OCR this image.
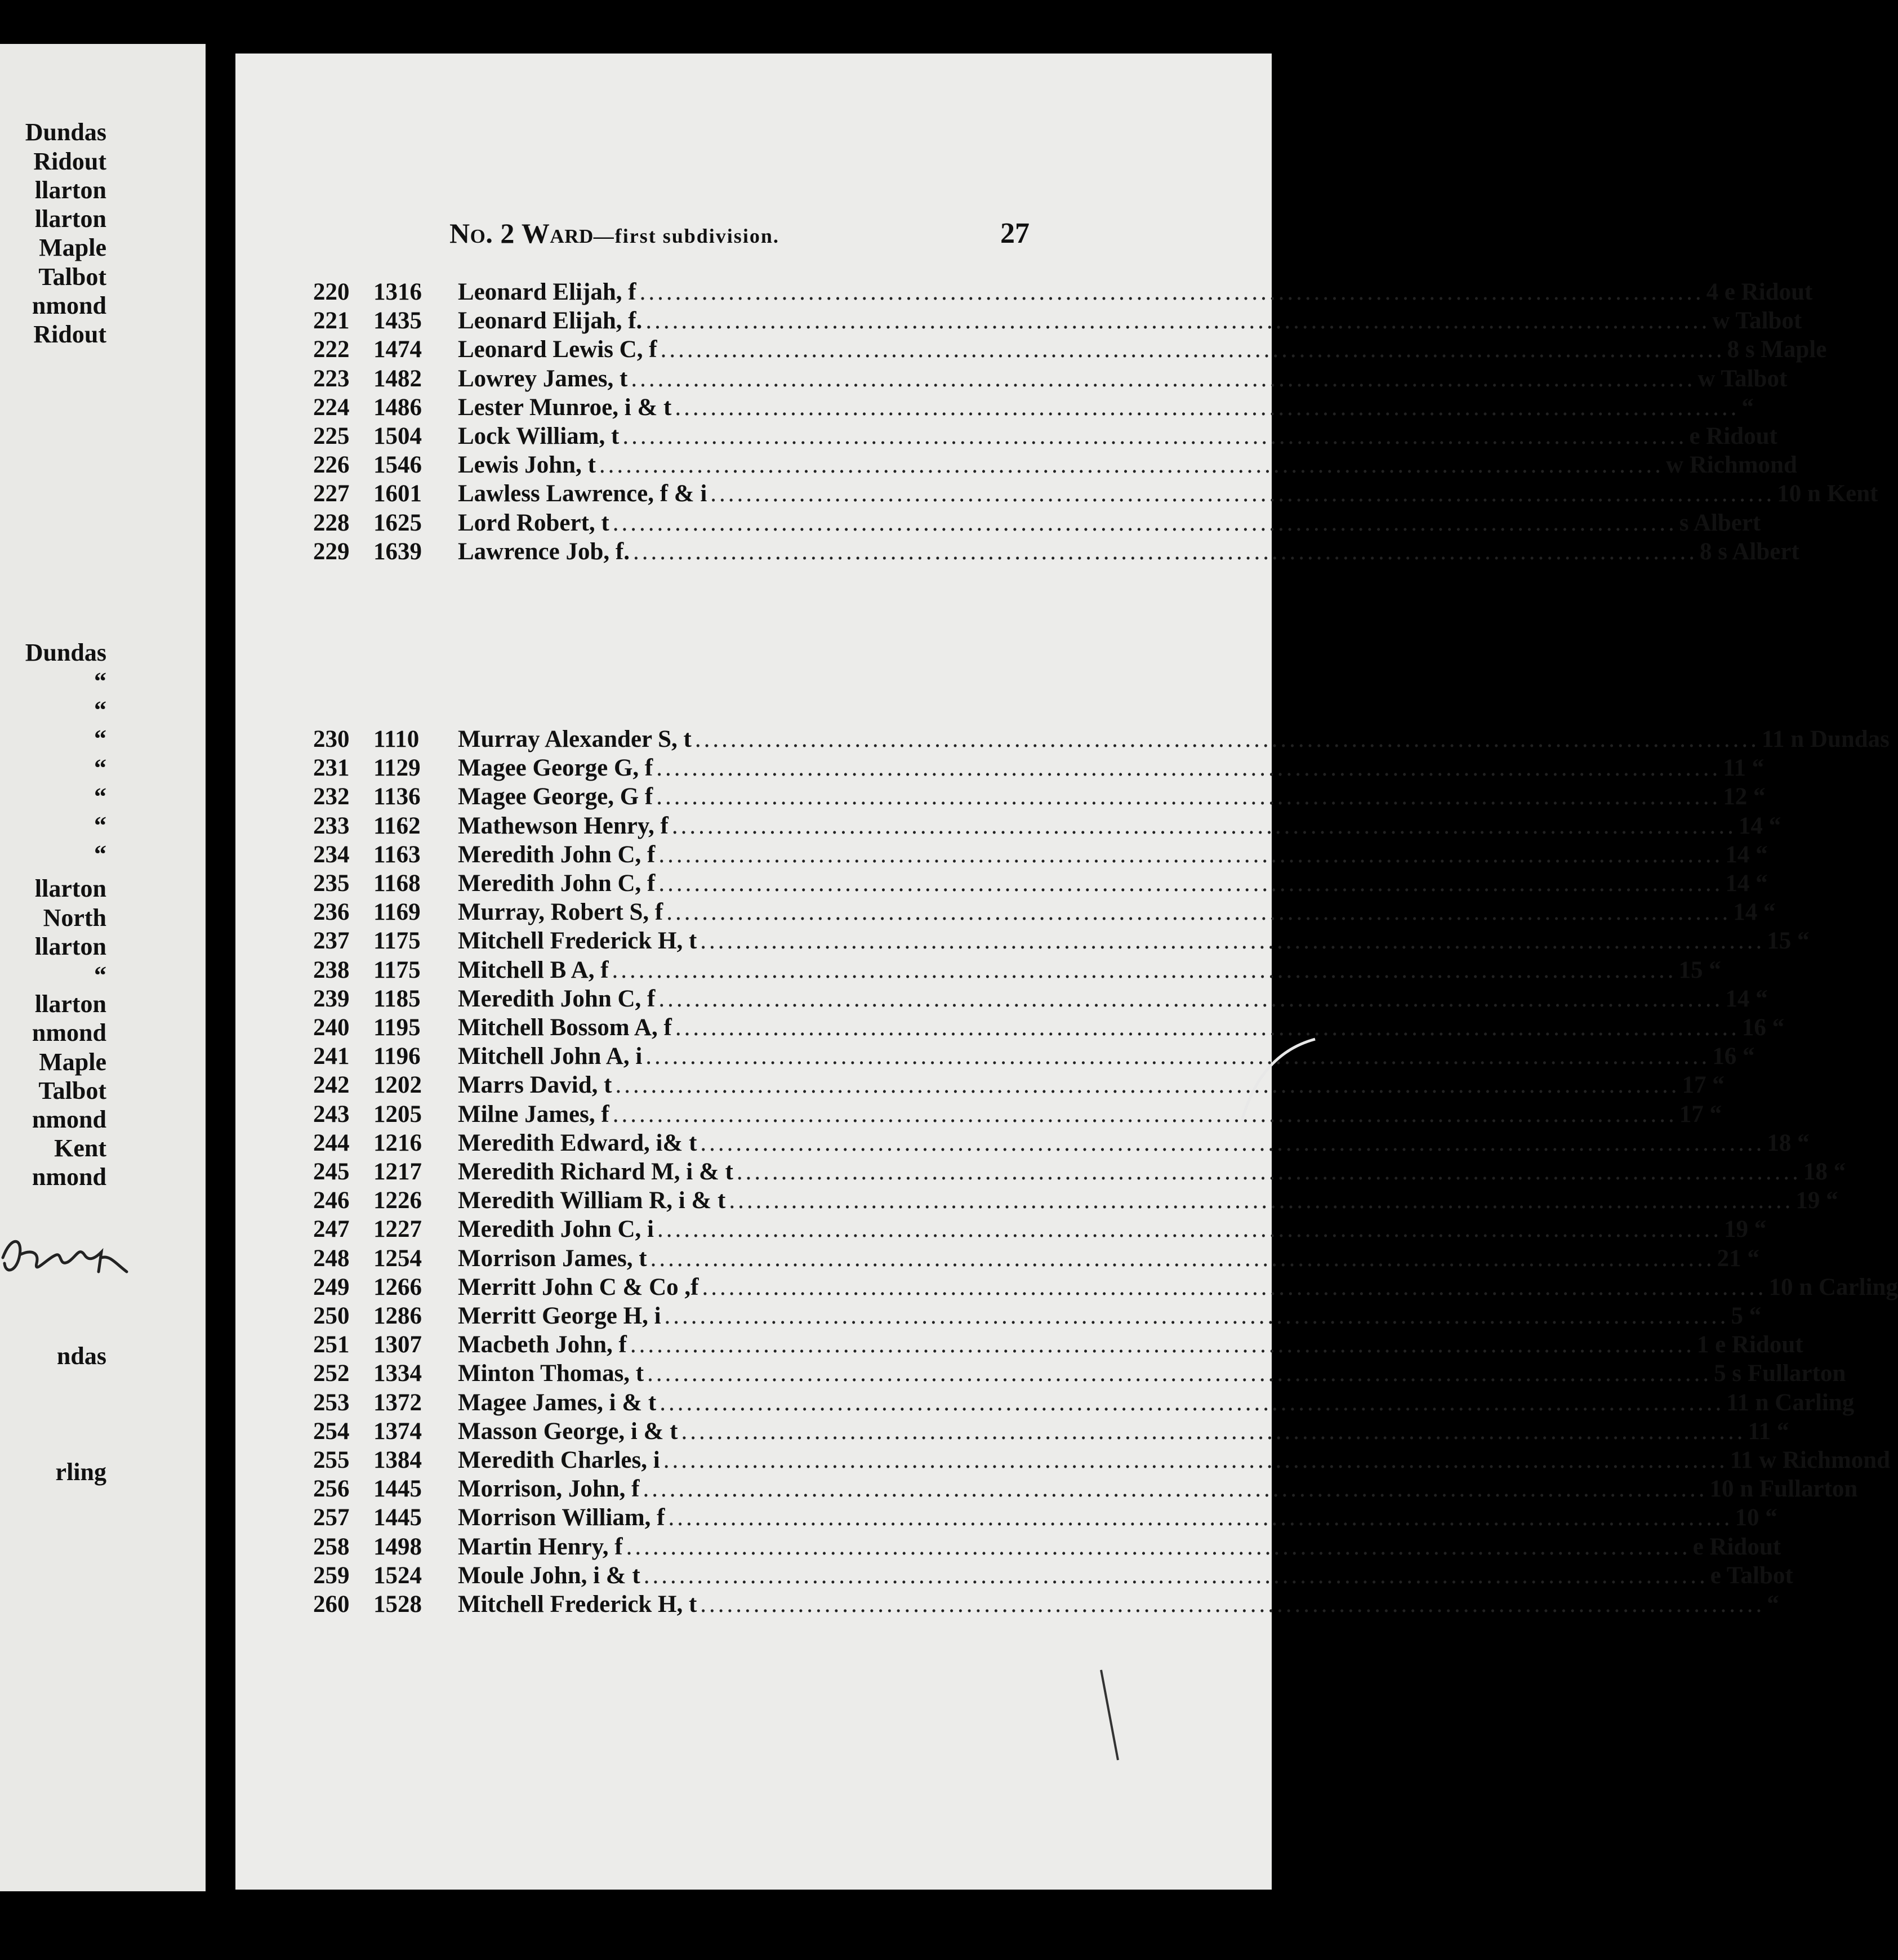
Dundas
Ridout
llarton
llarton
Maple
Talbot
nmond
Ridout
Dundas
“
“
“
“
“
“
“
llarton
North
llarton
“
llarton
nmond
Maple
Talbot
nmond
Kent
nmond
ndas
rling
No. 2 Ward—first subdivision.	27
220 1316	Leonard Elijah, f ........................................................................................................................ 4 e Ridout
221 1435	Leonard Elijah, f. ........................................................................................................................ w Talbot
222 1474	Leonard Lewis C, f ........................................................................................................................ 8 s Maple
223 1482	Lowrey James, t ........................................................................................................................ w Talbot
224 1486	Lester Munroe, i & t ........................................................................................................................ “
225 1504	Lock William, t ........................................................................................................................ e Ridout
226 1546	Lewis John, t ........................................................................................................................ w Richmond
227 1601	Lawless Lawrence, f & i ........................................................................................................................ 10 n Kent
228 1625	Lord Robert, t ........................................................................................................................ s Albert
229 1639	Lawrence Job, f. ........................................................................................................................ 8 s Albert
230 1110	Murray Alexander S, t ........................................................................................................................ 11 n Dundas
231 1129	Magee George G, f ........................................................................................................................ 11 “
232 1136	Magee George, G f ........................................................................................................................ 12 “
233 1162	Mathewson Henry, f ........................................................................................................................ 14 “
234 1163	Meredith John C, f ........................................................................................................................ 14 “
235 1168	Meredith John C, f ........................................................................................................................ 14 “
236 1169	Murray, Robert S, f ........................................................................................................................ 14 “
237 1175	Mitchell Frederick H, t ........................................................................................................................ 15 “
238 1175	Mitchell B A, f ........................................................................................................................ 15 “
239 1185	Meredith John C, f ........................................................................................................................ 14 “
240 1195	Mitchell Bossom A, f ........................................................................................................................ 16 “
241 1196	Mitchell John A, i ........................................................................................................................ 16 “
242 1202	Marrs David, t ........................................................................................................................ 17 “
243 1205	Milne James, f ........................................................................................................................ 17 “
244 1216	Meredith Edward, i& t ........................................................................................................................ 18 “
245 1217	Meredith Richard M, i & t ........................................................................................................................ 18 “
246 1226	Meredith William R, i & t ........................................................................................................................ 19 “
247 1227	Meredith John C, i ........................................................................................................................ 19 “
248 1254	Morrison James, t ........................................................................................................................ 21 “
249 1266	Merritt John C & Co ,f ........................................................................................................................ 10 n Carling
250 1286	Merritt George H, i ........................................................................................................................ 5 “
251 1307	Macbeth John, f ........................................................................................................................ 1 e Ridout
252 1334	Minton Thomas, t ........................................................................................................................ 5 s Fullarton
253 1372	Magee James, i & t ........................................................................................................................ 11 n Carling
254 1374	Masson George, i & t ........................................................................................................................ 11 “
255 1384	Meredith Charles, i ........................................................................................................................ 11 w Richmond
256 1445	Morrison, John, f ........................................................................................................................ 10 n Fullarton
257 1445	Morrison William, f ........................................................................................................................ 10 “
258 1498	Martin Henry, f ........................................................................................................................ e Ridout
259 1524	Moule John, i & t ........................................................................................................................ e Talbot
260 1528	Mitchell Frederick H, t ........................................................................................................................ “
